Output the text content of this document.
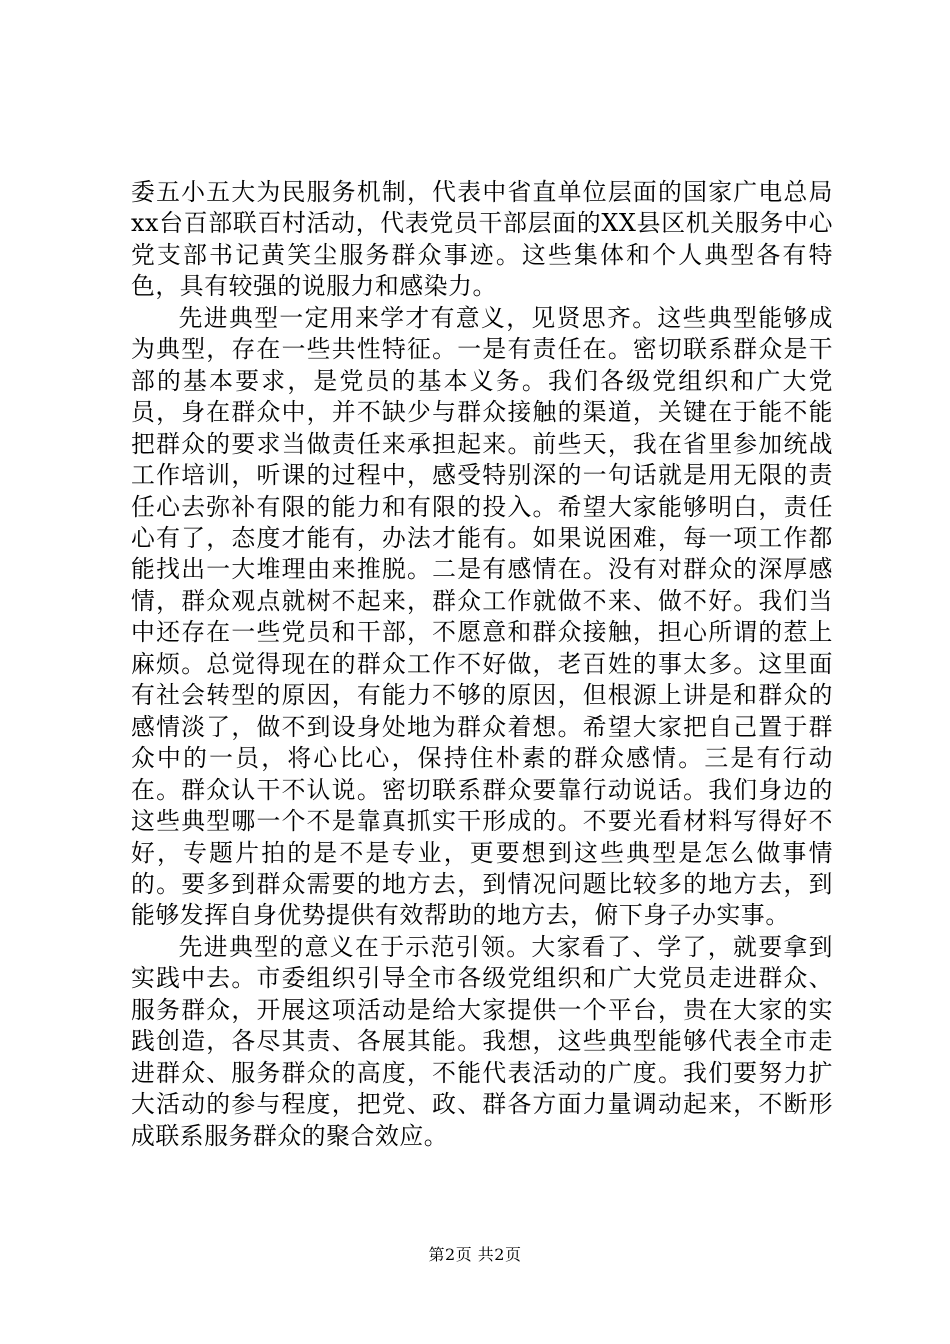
委五小五大为民服务机制，代表中省直单位层面的国家广电总局xx台百部联百村活动，代表党员干部层面的XX县区机关服务中心党支部书记黄笑尘服务群众事迹。这些集体和个人典型各有特色，具有较强的说服力和感染力。

先进典型一定用来学才有意义，见贤思齐。这些典型能够成为典型，存在一些共性特征。一是有责任在。密切联系群众是干部的基本要求，是党员的基本义务。我们各级党组织和广大党员，身在群众中，并不缺少与群众接触的渠道，关键在于能不能把群众的要求当做责任来承担起来。前些天，我在省里参加统战工作培训，听课的过程中，感受特别深的一句话就是用无限的责任心去弥补有限的能力和有限的投入。希望大家能够明白，责任心有了，态度才能有，办法才能有。如果说困难，每一项工作都能找出一大堆理由来推脱。二是有感情在。没有对群众的深厚感情，群众观点就树不起来，群众工作就做不来、做不好。我们当中还存在一些党员和干部，不愿意和群众接触，担心所谓的惹上麻烦。总觉得现在的群众工作不好做，老百姓的事太多。这里面有社会转型的原因，有能力不够的原因，但根源上讲是和群众的感情淡了，做不到设身处地为群众着想。希望大家把自己置于群众中的一员，将心比心，保持住朴素的群众感情。三是有行动在。群众认干不认说。密切联系群众要靠行动说话。我们身边的这些典型哪一个不是靠真抓实干形成的。不要光看材料写得好不好，专题片拍的是不是专业，更要想到这些典型是怎么做事情的。要多到群众需要的地方去，到情况问题比较多的地方去，到能够发挥自身优势提供有效帮助的地方去，俯下身子办实事。

先进典型的意义在于示范引领。大家看了、学了，就要拿到实践中去。市委组织引导全市各级党组织和广大党员走进群众、服务群众，开展这项活动是给大家提供一个平台，贵在大家的实践创造，各尽其责、各展其能。我想，这些典型能够代表全市走进群众、服务群众的高度，不能代表活动的广度。我们要努力扩大活动的参与程度，把党、政、群各方面力量调动起来，不断形成联系服务群众的聚合效应。

第2页 共2页
